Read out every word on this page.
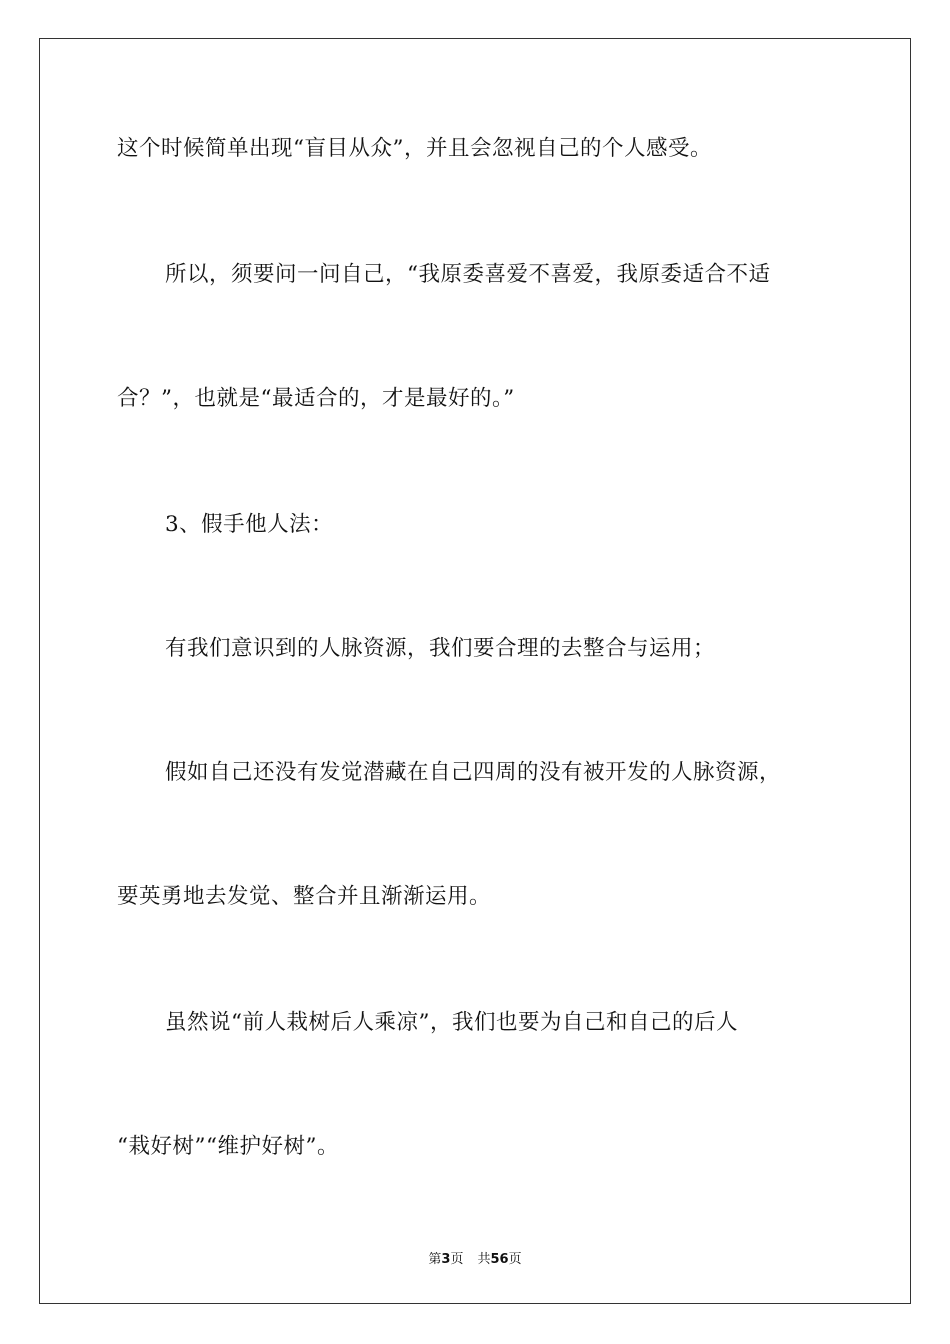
这个时候简单出现“盲目从众”，并且会忽视自己的个人感受。
所以，须要问一问自己，“我原委喜爱不喜爱，我原委适合不适
合？”，也就是“最适合的，才是最好的。”
3、假手他人法：
有我们意识到的人脉资源，我们要合理的去整合与运用；
假如自己还没有发觉潜藏在自己四周的没有被开发的人脉资源，
要英勇地去发觉、整合并且渐渐运用。
虽然说“前人栽树后人乘凉”，我们也要为自己和自己的后人
“栽好树”“维护好树”。
第3页 共56页
